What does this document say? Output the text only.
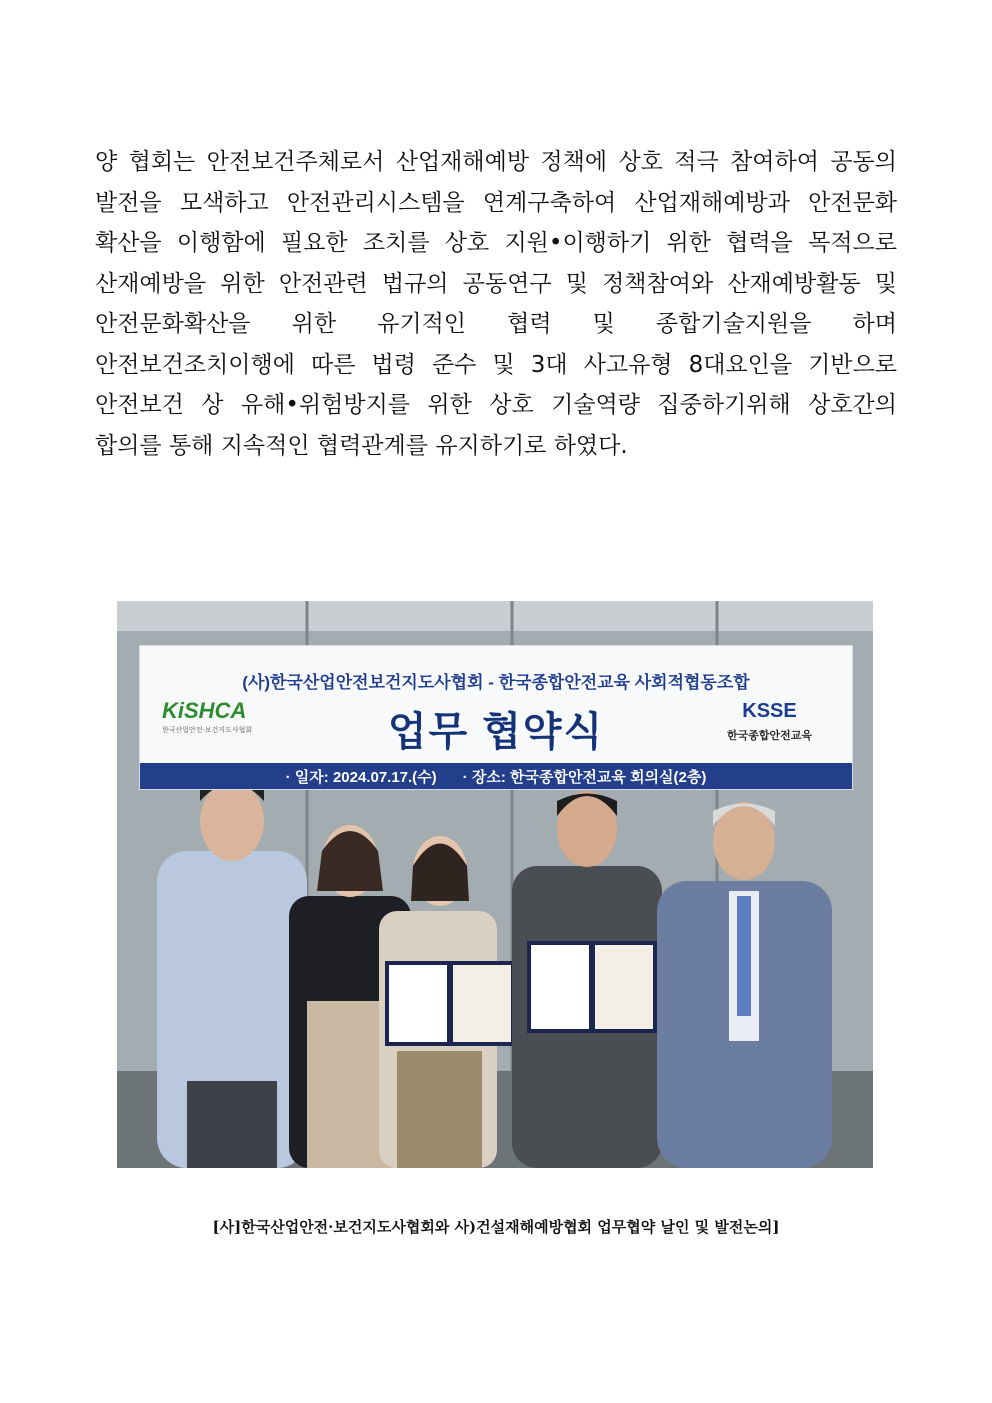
양 협회는 안전보건주체로서 산업재해예방 정책에 상호 적극 참여하여 공동의 발전을 모색하고 안전관리시스템을 연계구축하여 산업재해예방과 안전문화 확산을 이행함에 필요한 조치를 상호 지원•이행하기 위한 협력을 목적으로 산재예방을 위한 안전관련 법규의 공동연구 및 정책참여와 산재예방활동 및 안전문화확산을 위한 유기적인 협력 및 종합기술지원을 하며 안전보건조치이행에 따른 법령 준수 및 3대 사고유형 8대요인을 기반으로 안전보건 상 유해•위험방지를 위한 상호 기술역량 집중하기위해 상호간의 합의를 통해 지속적인 협력관계를 유지하기로 하였다.

KiSHCA
한국산업안전·보건지도사협회
(사)한국산업안전보건지도사협회 - 한국종합안전교육 사회적협동조합
업무 협약식	KSSE
한국종합안전교육
· 일자: 2024.07.17.(수) · 장소: 한국종합안전교육 회의실(2층)
[사]한국산업안전·보건지도사협회와 사)건설재해예방협회 업무협약 날인 및 발전논의]
